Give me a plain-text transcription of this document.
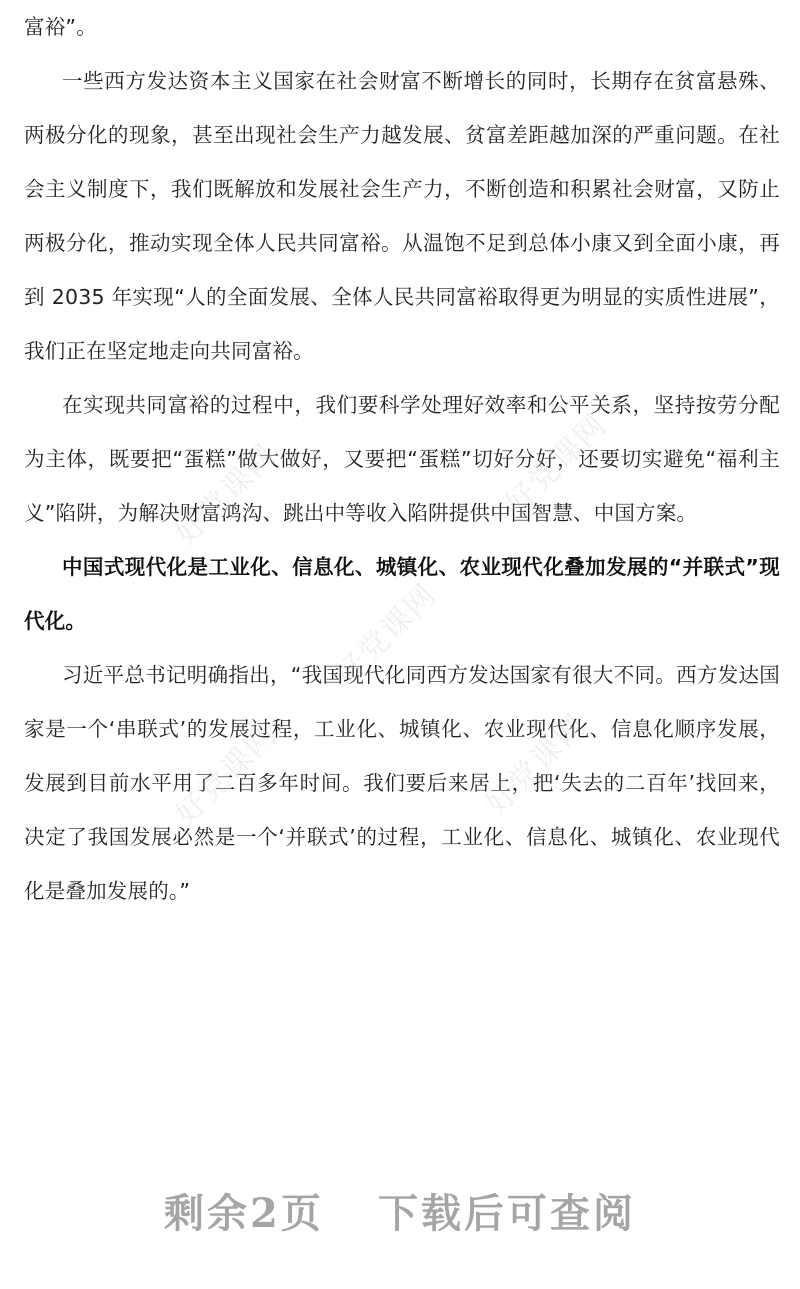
富裕”。

一些西方发达资本主义国家在社会财富不断增长的同时，长期存在贫富悬殊、两极分化的现象，甚至出现社会生产力越发展、贫富差距越加深的严重问题。在社会主义制度下，我们既解放和发展社会生产力，不断创造和积累社会财富，又防止两极分化，推动实现全体人民共同富裕。从温饱不足到总体小康又到全面小康，再到 2035 年实现“人的全面发展、全体人民共同富裕取得更为明显的实质性进展”，我们正在坚定地走向共同富裕。

在实现共同富裕的过程中，我们要科学处理好效率和公平关系，坚持按劳分配为主体，既要把“蛋糕”做大做好，又要把“蛋糕”切好分好，还要切实避免“福利主义”陷阱，为解决财富鸿沟、跳出中等收入陷阱提供中国智慧、中国方案。

中国式现代化是工业化、信息化、城镇化、农业现代化叠加发展的“并联式”现代化。

习近平总书记明确指出，“我国现代化同西方发达国家有很大不同。西方发达国家是一个‘串联式’的发展过程，工业化、城镇化、农业现代化、信息化顺序发展，发展到目前水平用了二百多年时间。我们要后来居上，把‘失去的二百年’找回来，决定了我国发展必然是一个‘并联式’的过程，工业化、信息化、城镇化、农业现代化是叠加发展的。”

好党课网	好党课网
好党课网
好党课网	好党课网
剩余2页 下载后可查阅
